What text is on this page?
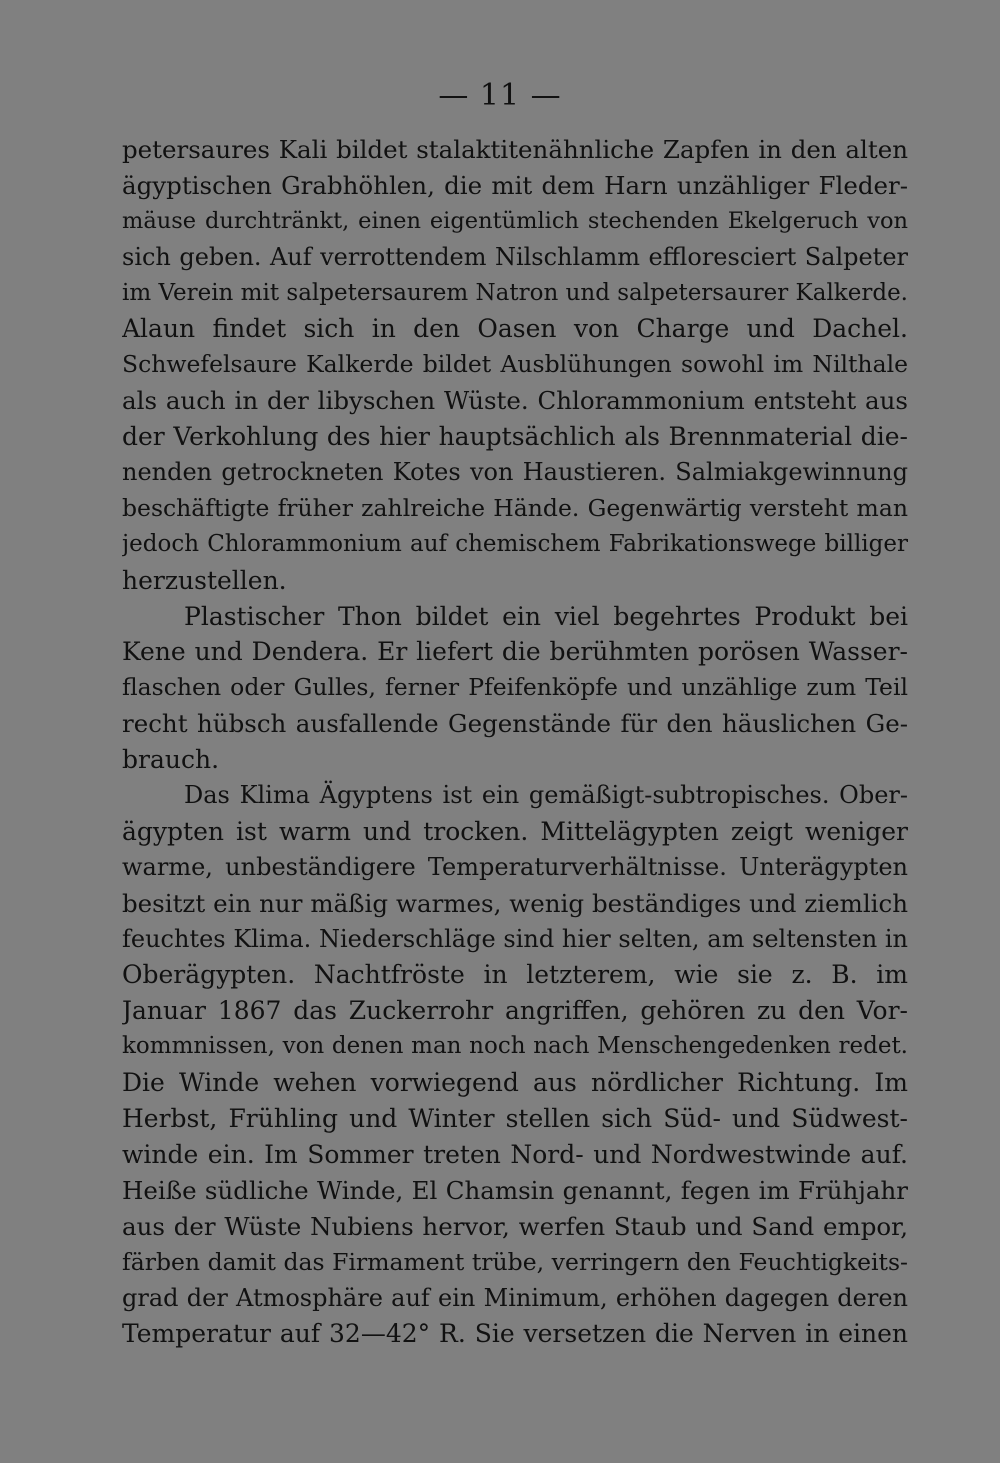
— 11 —
petersaures Kali bildet stalaktitenähnliche Zapfen in den alten
ägyptischen Grabhöhlen, die mit dem Harn unzähliger Fleder-
mäuse durchtränkt, einen eigentümlich stechenden Ekelgeruch von
sich geben. Auf verrottendem Nilschlamm effloresciert Salpeter
im Verein mit salpetersaurem Natron und salpetersaurer Kalkerde.
Alaun findet sich in den Oasen von Charge und Dachel.
Schwefelsaure Kalkerde bildet Ausblühungen sowohl im Nilthale
als auch in der libyschen Wüste. Chlorammonium entsteht aus
der Verkohlung des hier hauptsächlich als Brennmaterial die-
nenden getrockneten Kotes von Haustieren. Salmiakgewinnung
beschäftigte früher zahlreiche Hände. Gegenwärtig versteht man
jedoch Chlorammonium auf chemischem Fabrikationswege billiger
herzustellen.
Plastischer Thon bildet ein viel begehrtes Produkt bei
Kene und Dendera. Er liefert die berühmten porösen Wasser-
flaschen oder Gulles, ferner Pfeifenköpfe und unzählige zum Teil
recht hübsch ausfallende Gegenstände für den häuslichen Ge-
brauch.
Das Klima Ägyptens ist ein gemäßigt-subtropisches. Ober-
ägypten ist warm und trocken. Mittelägypten zeigt weniger
warme, unbeständigere Temperaturverhältnisse. Unterägypten
besitzt ein nur mäßig warmes, wenig beständiges und ziemlich
feuchtes Klima. Niederschläge sind hier selten, am seltensten in
Oberägypten. Nachtfröste in letzterem, wie sie z. B. im
Januar 1867 das Zuckerrohr angriffen, gehören zu den Vor-
kommnissen, von denen man noch nach Menschengedenken redet.
Die Winde wehen vorwiegend aus nördlicher Richtung. Im
Herbst, Frühling und Winter stellen sich Süd- und Südwest-
winde ein. Im Sommer treten Nord- und Nordwestwinde auf.
Heiße südliche Winde, El Chamsin genannt, fegen im Frühjahr
aus der Wüste Nubiens hervor, werfen Staub und Sand empor,
färben damit das Firmament trübe, verringern den Feuchtigkeits-
grad der Atmosphäre auf ein Minimum, erhöhen dagegen deren
Temperatur auf 32—42° R. Sie versetzen die Nerven in einen
